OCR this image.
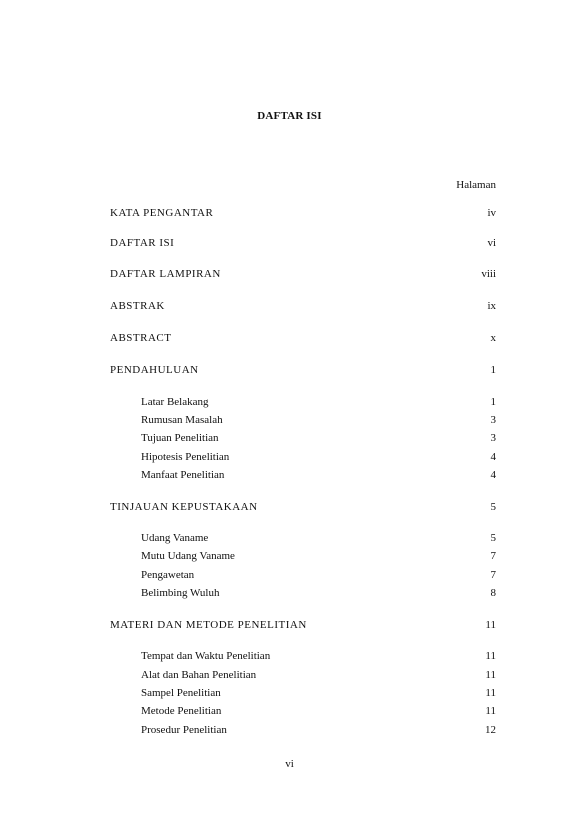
DAFTAR ISI
Halaman
KATA PENGANTAR	iv
DAFTAR ISI	vi
DAFTAR LAMPIRAN	viii
ABSTRAK	ix
ABSTRACT	x
PENDAHULUAN	1
Latar Belakang	1
Rumusan Masalah	3
Tujuan Penelitian	3
Hipotesis Penelitian	4
Manfaat Penelitian	4
TINJAUAN KEPUSTAKAAN	5
Udang Vaname	5
Mutu Udang Vaname	7
Pengawetan	7
Belimbing Wuluh	8
MATERI DAN METODE PENELITIAN	11
Tempat dan Waktu Penelitian	11
Alat dan Bahan Penelitian	11
Sampel Penelitian	11
Metode Penelitian	11
Prosedur Penelitian	12
vi
